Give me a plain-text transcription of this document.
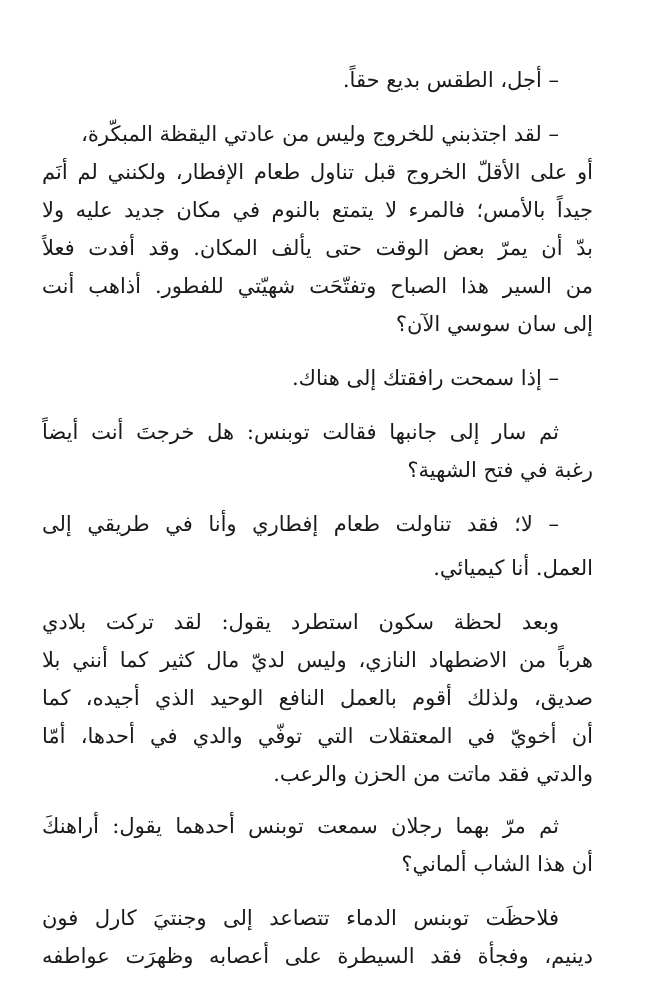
– أجل، الطقس بديع حقاً.
– لقد اجتذبني للخروج وليس من عادتي اليقظة المبكّرة،
أو على الأقلّ الخروج قبل تناول طعام الإفطار، ولكنني لم أنَم
جيداً بالأمس؛ فالمرء لا يتمتع بالنوم في مكان جديد عليه ولا
بدّ أن يمرّ بعض الوقت حتى يألف المكان. وقد أفدت فعلاً
من السير هذا الصباح وتفتّحَت شهيّتي للفطور. أذاهب أنت
إلى سان سوسي الآن؟
– إذا سمحت رافقتك إلى هناك.
ثم سار إلى جانبها فقالت توبنس: هل خرجتَ أنت أيضاً
رغبة في فتح الشهية؟
– لا؛ فقد تناولت طعام إفطاري وأنا في طريقي إلى
العمل. أنا كيميائي.
وبعد لحظة سكون استطرد يقول: لقد تركت بلادي
هرباً من الاضطهاد النازي، وليس لديّ مال كثير كما أنني بلا
صديق، ولذلك أقوم بالعمل النافع الوحيد الذي أجيده، كما
أن أخويّ في المعتقلات التي توفّي والدي في أحدها، أمّا
والدتي فقد ماتت من الحزن والرعب.
ثم مرّ بهما رجلان سمعت توبنس أحدهما يقول: أراهنكَ
أن هذا الشاب ألماني؟
فلاحظَت توبنس الدماء تتصاعد إلى وجنتيَ كارل فون
دينيم، وفجأة فقد السيطرة على أعصابه وظهرَت عواطفه
